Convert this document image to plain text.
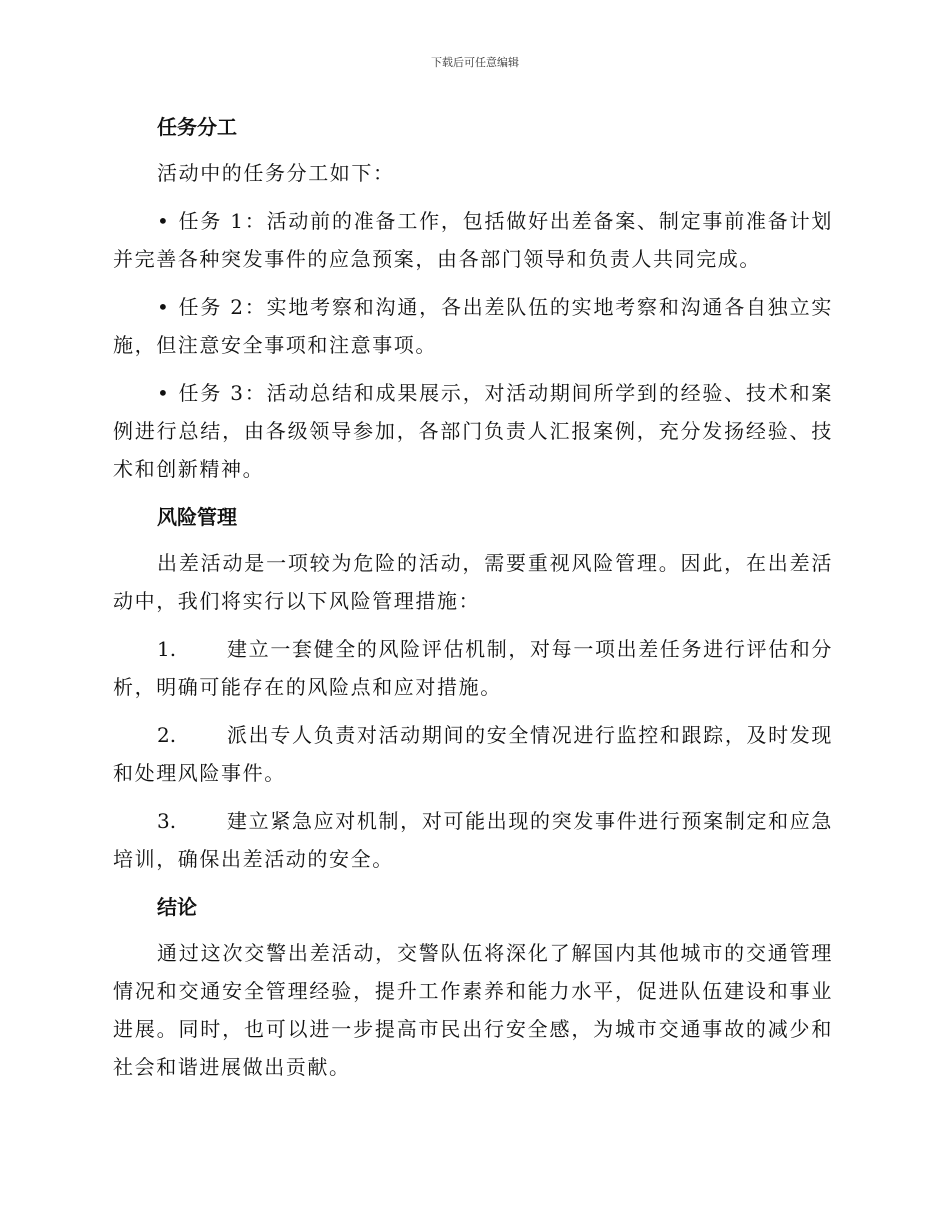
下载后可任意编辑
任务分工

活动中的任务分工如下：

• 任务 1：活动前的准备工作，包括做好出差备案、制定事前准备计划并完善各种突发事件的应急预案，由各部门领导和负责人共同完成。

• 任务 2：实地考察和沟通，各出差队伍的实地考察和沟通各自独立实施，但注意安全事项和注意事项。

• 任务 3：活动总结和成果展示，对活动期间所学到的经验、技术和案例进行总结，由各级领导参加，各部门负责人汇报案例，充分发扬经验、技术和创新精神。

风险管理

出差活动是一项较为危险的活动，需要重视风险管理。因此，在出差活动中，我们将实行以下风险管理措施：

1.	建立一套健全的风险评估机制，对每一项出差任务进行评估和分析，明确可能存在的风险点和应对措施。

2.	派出专人负责对活动期间的安全情况进行监控和跟踪，及时发现和处理风险事件。

3.	建立紧急应对机制，对可能出现的突发事件进行预案制定和应急培训，确保出差活动的安全。

结论

通过这次交警出差活动，交警队伍将深化了解国内其他城市的交通管理情况和交通安全管理经验，提升工作素养和能力水平，促进队伍建设和事业进展。同时，也可以进一步提高市民出行安全感，为城市交通事故的减少和社会和谐进展做出贡献。
